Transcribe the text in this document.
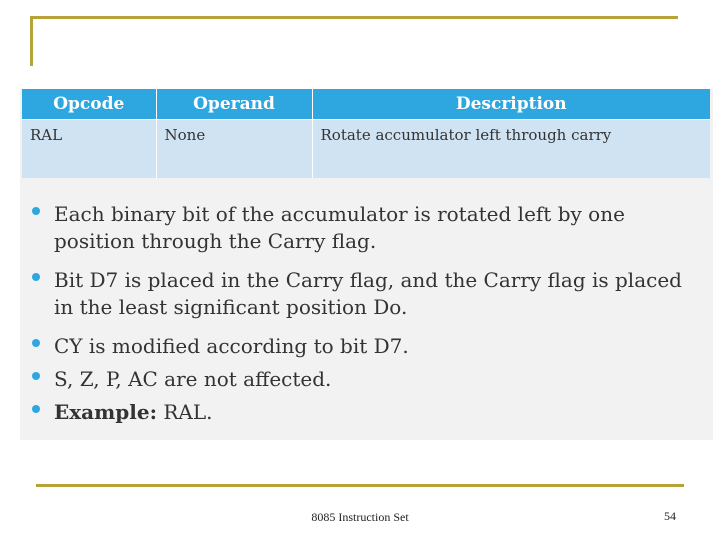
Opcode	Operand	Description
RAL	None	Rotate accumulator left through carry
Each binary bit of the accumulator is rotated left by one position through the Carry flag.
Bit D7 is placed in the Carry flag, and the Carry flag is placed in the least significant position Do.
CY is modified according to bit D7.
S, Z, P, AC are not affected.
Example: RAL.
8085 Instruction Set	54
